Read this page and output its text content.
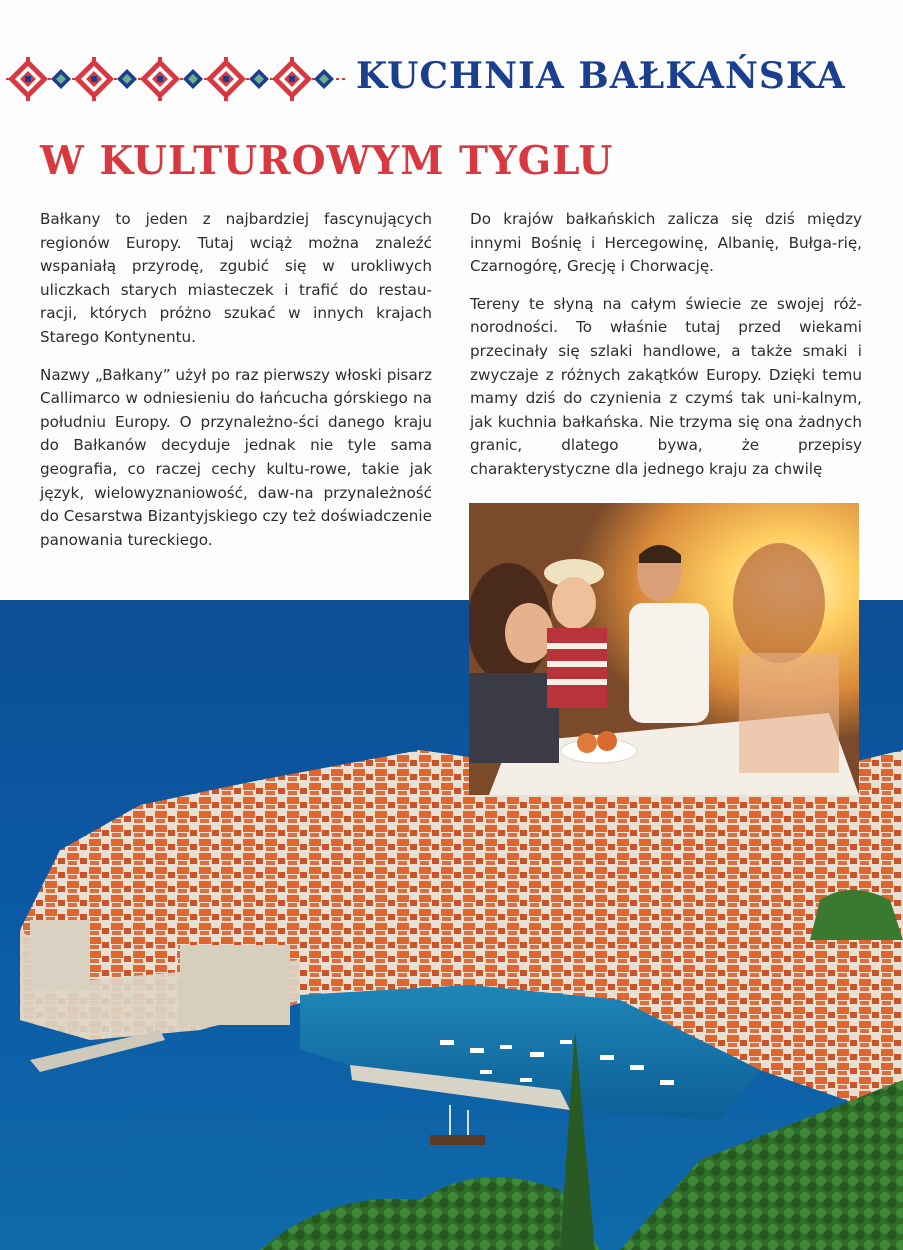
KUCHNIA BAŁKAŃSKA
W KULTUROWYM TYGLU

Bałkany to jeden z najbardziej fascynujących regionów Europy. Tutaj wciąż można znaleźć wspaniałą przyrodę, zgubić się w urokliwych uliczkach starych miasteczek i trafić do restau-racji, których próżno szukać w innych krajach Starego Kontynentu.

Nazwy „Bałkany” użył po raz pierwszy włoski pisarz Callimarco w odniesieniu do łańcucha górskiego na południu Europy. O przynależno-ści danego kraju do Bałkanów decyduje jednak nie tyle sama geografia, co raczej cechy kultu-rowe, takie jak język, wielowyznaniowość, daw-na przynależność do Cesarstwa Bizantyjskiego czy też doświadczenie panowania tureckiego.

Do krajów bałkańskich zalicza się dziś między innymi Bośnię i Hercegowinę, Albanię, Bułga-rię, Czarnogórę, Grecję i Chorwację.

Tereny te słyną na całym świecie ze swojej róż-norodności. To właśnie tutaj przed wiekami przecinały się szlaki handlowe, a także smaki i zwyczaje z różnych zakątków Europy. Dzięki temu mamy dziś do czynienia z czymś tak uni-kalnym, jak kuchnia bałkańska. Nie trzyma się ona żadnych granic, dlatego bywa, że przepisy charakterystyczne dla jednego kraju za chwilę
